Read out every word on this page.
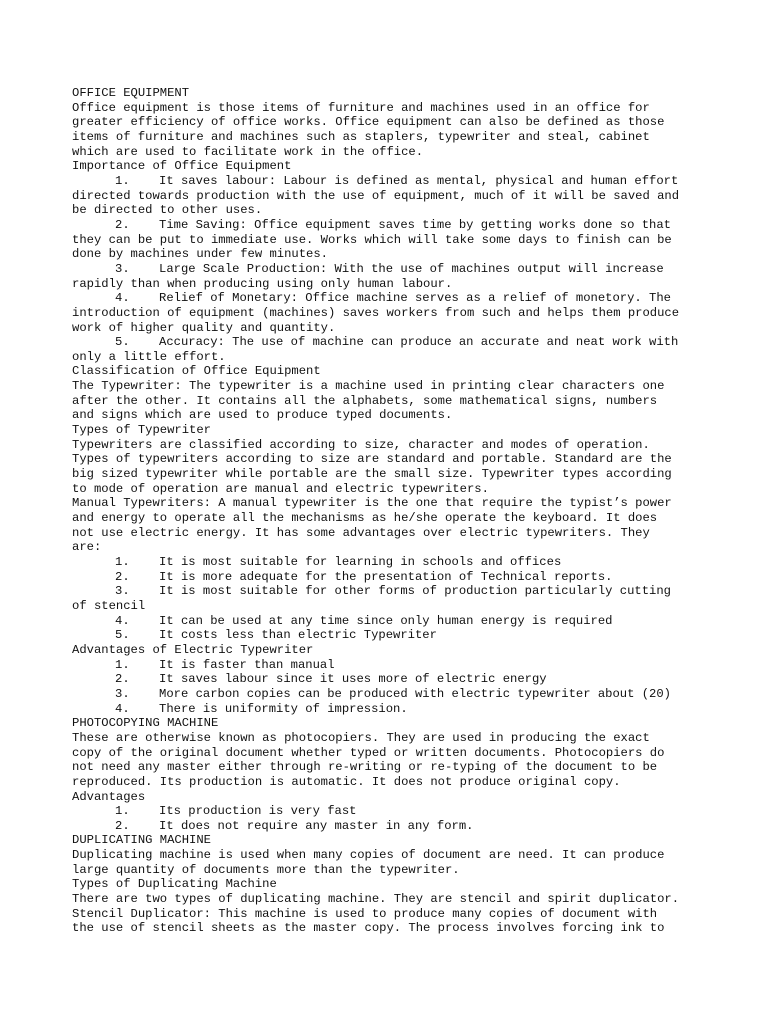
OFFICE EQUIPMENT
Office equipment is those items of furniture and machines used in an office for
greater efficiency of office works. Office equipment can also be defined as those
items of furniture and machines such as staplers, typewriter and steal, cabinet
which are used to facilitate work in the office.
Importance of Office Equipment
1. It saves labour: Labour is defined as mental, physical and human effort
directed towards production with the use of equipment, much of it will be saved and
be directed to other uses.
2. Time Saving: Office equipment saves time by getting works done so that
they can be put to immediate use. Works which will take some days to finish can be
done by machines under few minutes.
3. Large Scale Production: With the use of machines output will increase
rapidly than when producing using only human labour.
4. Relief of Monetary: Office machine serves as a relief of monetory. The
introduction of equipment (machines) saves workers from such and helps them produce
work of higher quality and quantity.
5. Accuracy: The use of machine can produce an accurate and neat work with
only a little effort.
Classification of Office Equipment
The Typewriter: The typewriter is a machine used in printing clear characters one
after the other. It contains all the alphabets, some mathematical signs, numbers
and signs which are used to produce typed documents.
Types of Typewriter
Typewriters are classified according to size, character and modes of operation.
Types of typewriters according to size are standard and portable. Standard are the
big sized typewriter while portable are the small size. Typewriter types according
to mode of operation are manual and electric typewriters.
Manual Typewriters: A manual typewriter is the one that require the typist’s power
and energy to operate all the mechanisms as he/she operate the keyboard. It does
not use electric energy. It has some advantages over electric typewriters. They
are:
1. It is most suitable for learning in schools and offices
2. It is more adequate for the presentation of Technical reports.
3. It is most suitable for other forms of production particularly cutting
of stencil
4. It can be used at any time since only human energy is required
5. It costs less than electric Typewriter
Advantages of Electric Typewriter
1. It is faster than manual
2. It saves labour since it uses more of electric energy
3. More carbon copies can be produced with electric typewriter about (20)
4. There is uniformity of impression.
PHOTOCOPYING MACHINE
These are otherwise known as photocopiers. They are used in producing the exact
copy of the original document whether typed or written documents. Photocopiers do
not need any master either through re-writing or re-typing of the document to be
reproduced. Its production is automatic. It does not produce original copy.
Advantages
1. Its production is very fast
2. It does not require any master in any form.
DUPLICATING MACHINE
Duplicating machine is used when many copies of document are need. It can produce
large quantity of documents more than the typewriter.
Types of Duplicating Machine
There are two types of duplicating machine. They are stencil and spirit duplicator.
Stencil Duplicator: This machine is used to produce many copies of document with
the use of stencil sheets as the master copy. The process involves forcing ink to
